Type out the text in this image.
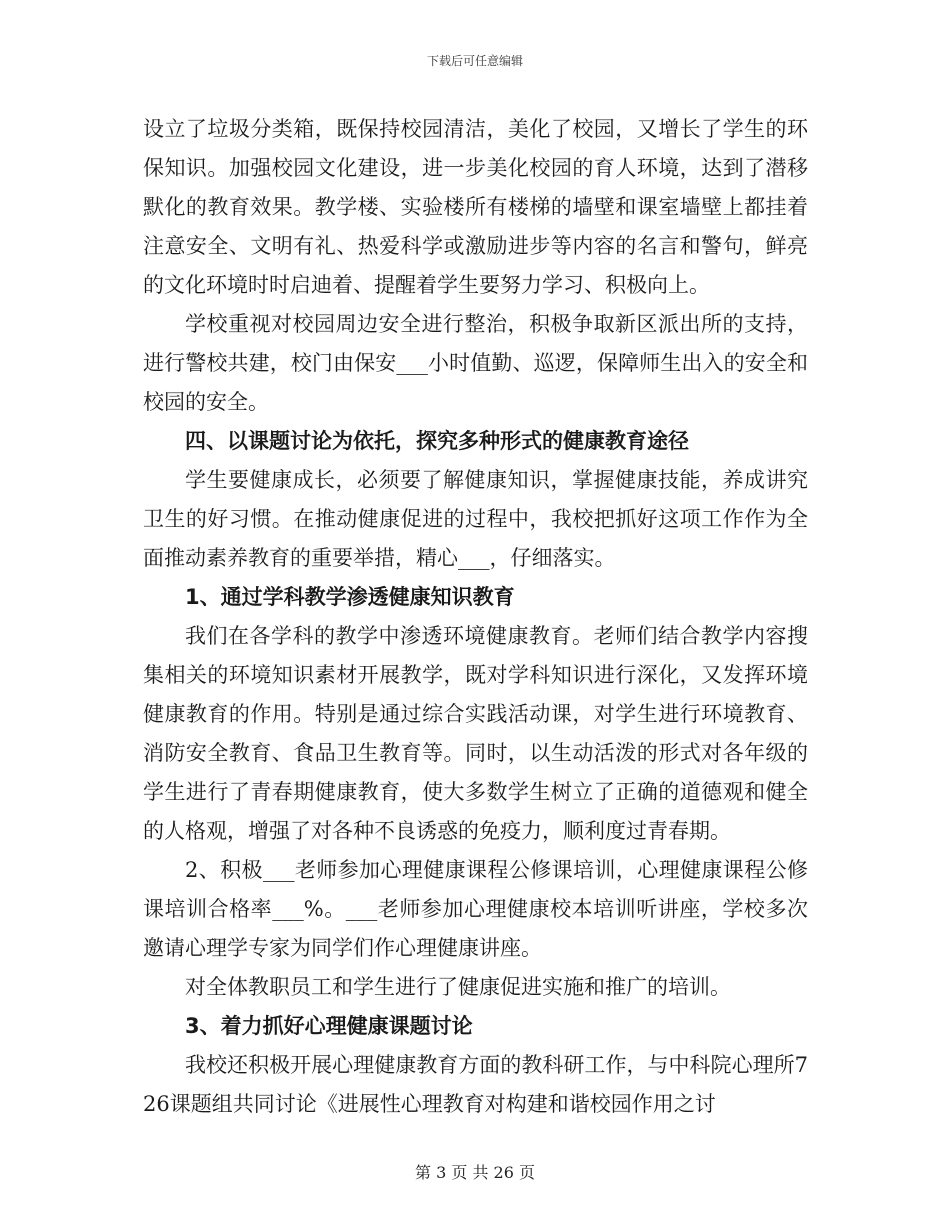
下载后可任意编辑

设立了垃圾分类箱，既保持校园清洁，美化了校园，又增长了学生的环保知识。加强校园文化建设，进一步美化校园的育人环境，达到了潜移默化的教育效果。教学楼、实验楼所有楼梯的墙壁和课室墙壁上都挂着注意安全、文明有礼、热爱科学或激励进步等内容的名言和警句，鲜亮的文化环境时时启迪着、提醒着学生要努力学习、积极向上。

学校重视对校园周边安全进行整治，积极争取新区派出所的支持，进行警校共建，校门由保安___小时值勤、巡逻，保障师生出入的安全和校园的安全。

四、以课题讨论为依托，探究多种形式的健康教育途径

学生要健康成长，必须要了解健康知识，掌握健康技能，养成讲究卫生的好习惯。在推动健康促进的过程中，我校把抓好这项工作作为全面推动素养教育的重要举措，精心___，仔细落实。

1、通过学科教学渗透健康知识教育

我们在各学科的教学中渗透环境健康教育。老师们结合教学内容搜集相关的环境知识素材开展教学，既对学科知识进行深化，又发挥环境健康教育的作用。特别是通过综合实践活动课，对学生进行环境教育、消防安全教育、食品卫生教育等。同时，以生动活泼的形式对各年级的学生进行了青春期健康教育，使大多数学生树立了正确的道德观和健全的人格观，增强了对各种不良诱惑的免疫力，顺利度过青春期。

2、积极___老师参加心理健康课程公修课培训，心理健康课程公修课培训合格率___%。___老师参加心理健康校本培训听讲座，学校多次邀请心理学专家为同学们作心理健康讲座。

对全体教职员工和学生进行了健康促进实施和推广的培训。

3、着力抓好心理健康课题讨论

我校还积极开展心理健康教育方面的教科研工作，与中科院心理所726课题组共同讨论《进展性心理教育对构建和谐校园作用之讨

第 3 页 共 26 页
